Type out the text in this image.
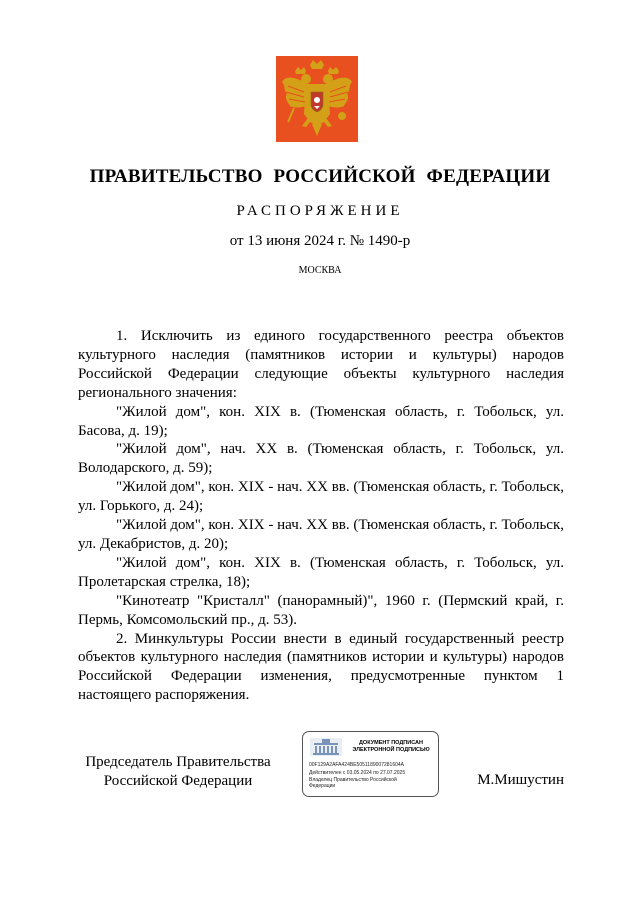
ПРАВИТЕЛЬСТВО РОССИЙСКОЙ ФЕДЕРАЦИИ
РАСПОРЯЖЕНИЕ
от 13 июня 2024 г. № 1490-р
МОСКВА

1. Исключить из единого государственного реестра объектов культурного наследия (памятников истории и культуры) народов Российской Федерации следующие объекты культурного наследия регионального значения:

"Жилой дом", кон. XIX в. (Тюменская область, г. Тобольск, ул. Басова, д. 19);

"Жилой дом", нач. XX в. (Тюменская область, г. Тобольск, ул. Володарского, д. 59);

"Жилой дом", кон. XIX - нач. XX вв. (Тюменская область, г. Тобольск, ул. Горького, д. 24);

"Жилой дом", кон. XIX - нач. XX вв. (Тюменская область, г. Тобольск, ул. Декабристов, д. 20);

"Жилой дом", кон. XIX в. (Тюменская область, г. Тобольск, ул. Пролетарская стрелка, 18);

"Кинотеатр "Кристалл" (панорамный)", 1960 г. (Пермский край, г. Пермь, Комсомольский пр., д. 53).

2. Минкультуры России внести в единый государственный реестр объектов культурного наследия (памятников истории и культуры) народов Российской Федерации изменения, предусмотренные пунктом 1 настоящего распоряжения.

Председатель Правительства
Российской Федерации
ДОКУМЕНТ ПОДПИСАН
ЭЛЕКТРОННОЙ ПОДПИСЬЮ
00F129A2AFA424BE5051189007281604A
Действителен с 03.05.2024 по 27.07.2025
Владелец Правительство Российской
Федерации	М.Мишустин
